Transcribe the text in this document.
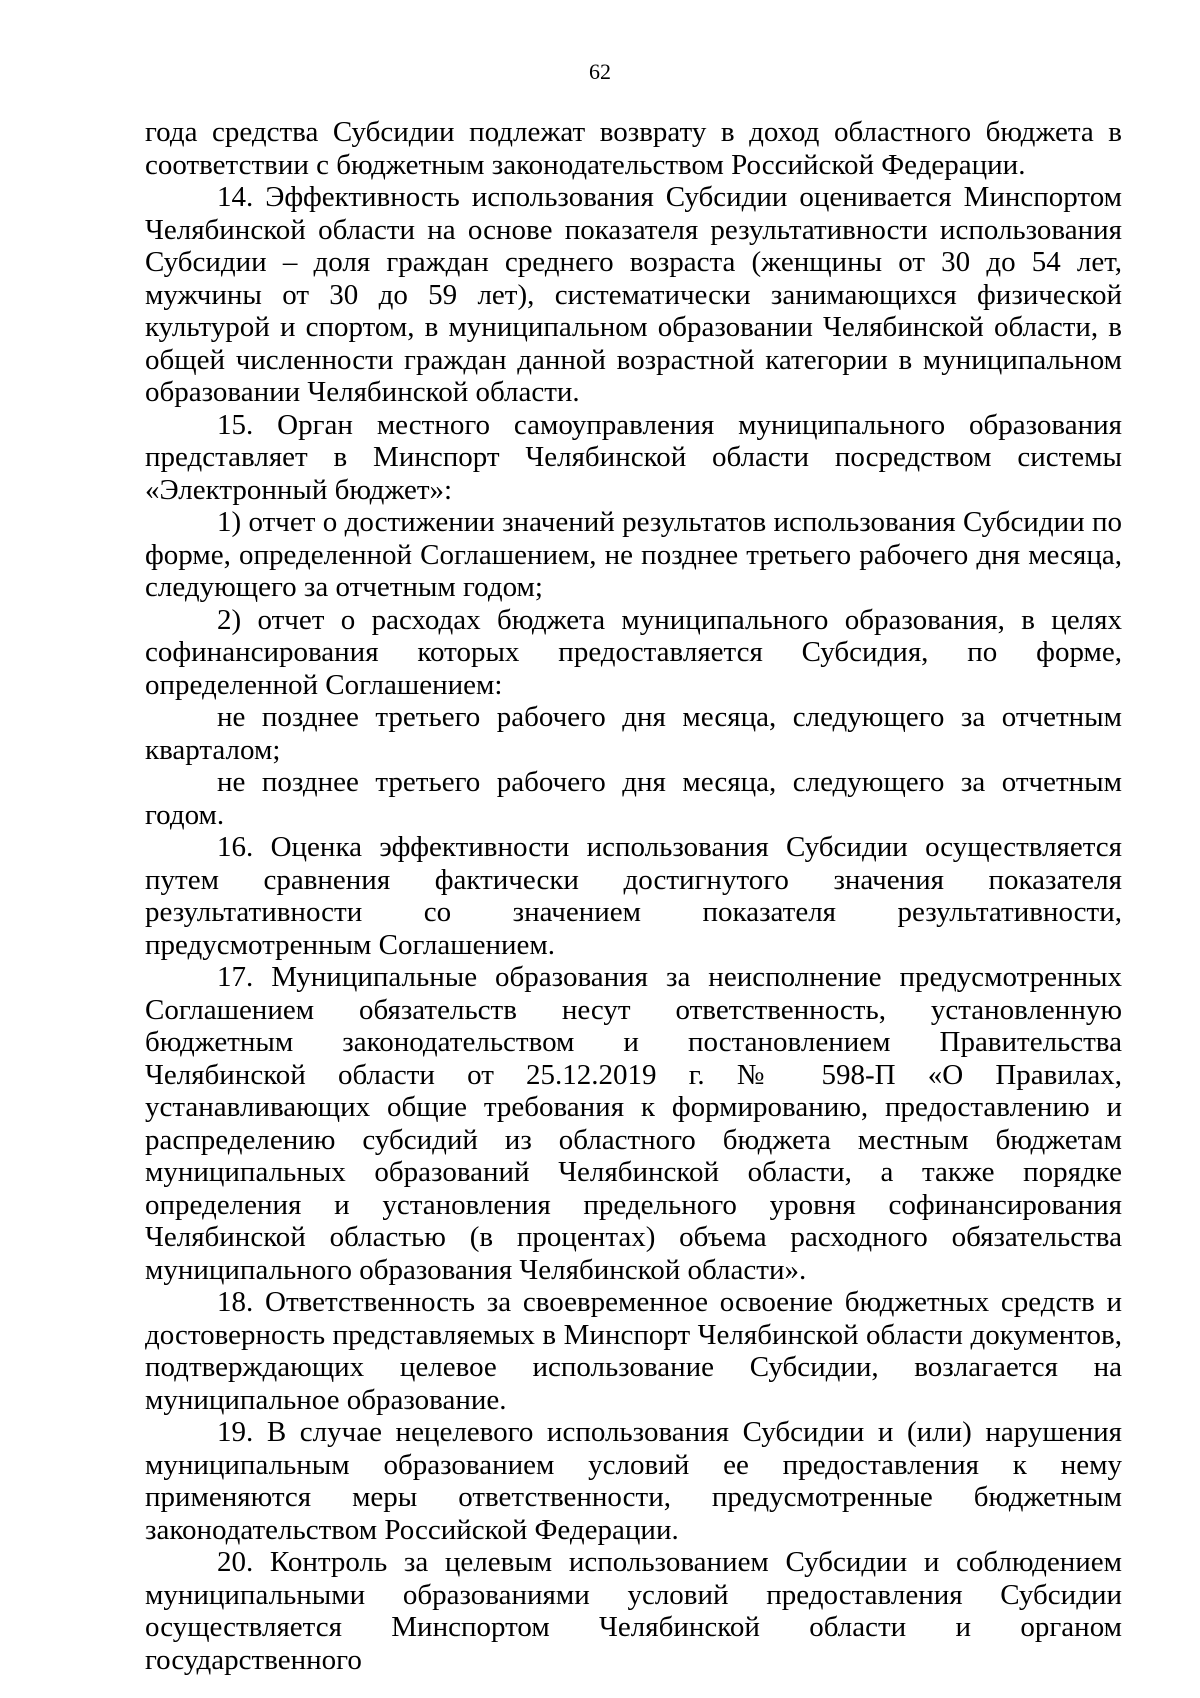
62

года средства Субсидии подлежат возврату в доход областного бюджета в соответствии с бюджетным законодательством Российской Федерации.

14. Эффективность использования Субсидии оценивается Минспортом Челябинской области на основе показателя результативности использования Субсидии – доля граждан среднего возраста (женщины от 30 до 54 лет, мужчины от 30 до 59 лет), систематически занимающихся физической культурой и спортом, в муниципальном образовании Челябинской области, в общей численности граждан данной возрастной категории в муниципальном образовании Челябинской области.

15. Орган местного самоуправления муниципального образования представляет в Минспорт Челябинской области посредством системы «Электронный бюджет»:

1) отчет о достижении значений результатов использования Субсидии по форме, определенной Соглашением, не позднее третьего рабочего дня месяца, следующего за отчетным годом;

2) отчет о расходах бюджета муниципального образования, в целях софинансирования которых предоставляется Субсидия, по форме, определенной Соглашением:

не позднее третьего рабочего дня месяца, следующего за отчетным кварталом;

не позднее третьего рабочего дня месяца, следующего за отчетным годом.

16. Оценка эффективности использования Субсидии осуществляется путем сравнения фактически достигнутого значения показателя результативности со значением показателя результативности, предусмотренным Соглашением.

17. Муниципальные образования за неисполнение предусмотренных Соглашением обязательств несут ответственность, установленную бюджетным законодательством и постановлением Правительства Челябинской области от 25.12.2019 г. № 598-П «О Правилах, устанавливающих общие требования к формированию, предоставлению и распределению субсидий из областного бюджета местным бюджетам муниципальных образований Челябинской области, а также порядке определения и установления предельного уровня софинансирования Челябинской областью (в процентах) объема расходного обязательства муниципального образования Челябинской области».

18. Ответственность за своевременное освоение бюджетных средств и достоверность представляемых в Минспорт Челябинской области документов, подтверждающих целевое использование Субсидии, возлагается на муниципальное образование.

19. В случае нецелевого использования Субсидии и (или) нарушения муниципальным образованием условий ее предоставления к нему применяются меры ответственности, предусмотренные бюджетным законодательством Российской Федерации.

20. Контроль за целевым использованием Субсидии и соблюдением муниципальными образованиями условий предоставления Субсидии осуществляется Минспортом Челябинской области и органом государственного
